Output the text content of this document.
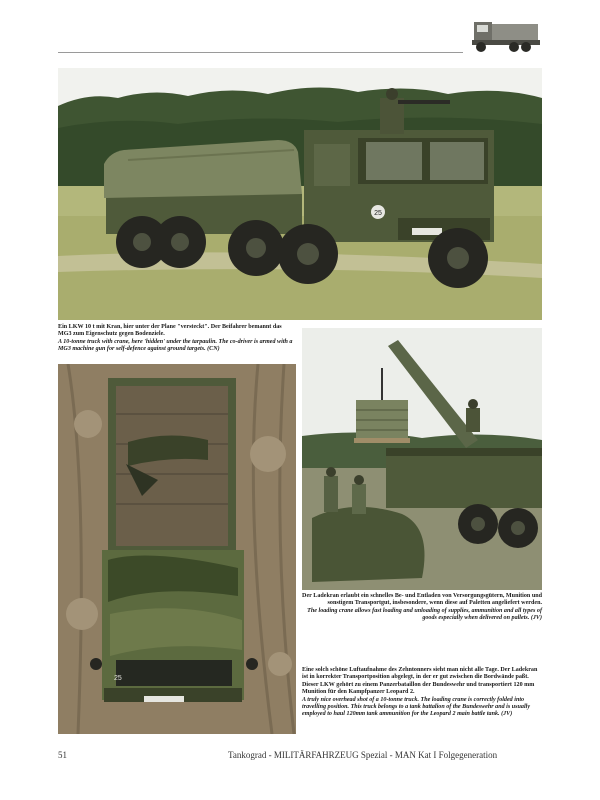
25
Ein LKW 10 t mit Kran, hier unter der Plane "versteckt". Der Beifahrer bemannt das MG3 zum Eigenschutz gegen Bodenziele.
A 10-tonne truck with crane, here 'hidden' under the tarpaulin. The co-driver is armed with a MG3 machine gun for self-defence against ground targets. (CN)
25
Der Ladekran erlaubt ein schnelles Be- und Entladen von Versorgungsgütern, Munition und sonstigem Transportgut, insbesondere, wenn diese auf Paletten angeliefert werden.
The loading crane allows fast loading and unloading of supplies, ammunition and all types of goods especially when delivered on pallets. (JV)
Eine solch schöne Luftaufnahme des Zehntonners sieht man nicht alle Tage. Der Ladekran ist in korrekter Transportposition abgelegt, in der er gut zwischen die Bordwände paßt. Dieser LKW gehört zu einem Panzerbataillon der Bundeswehr und transportiert 120 mm Munition für den Kampfpanzer Leopard 2.
A truly nice overhead shot of a 10-tonne truck. The loading crane is correctly folded into travelling position. This truck belongs to a tank battalion of the Bundeswehr and is usually employed to haul 120mm tank ammunition for the Leopard 2 main battle tank. (JV)
51	Tankograd - MILITÄRFAHRZEUG Spezial - MAN Kat I Folgegeneration
